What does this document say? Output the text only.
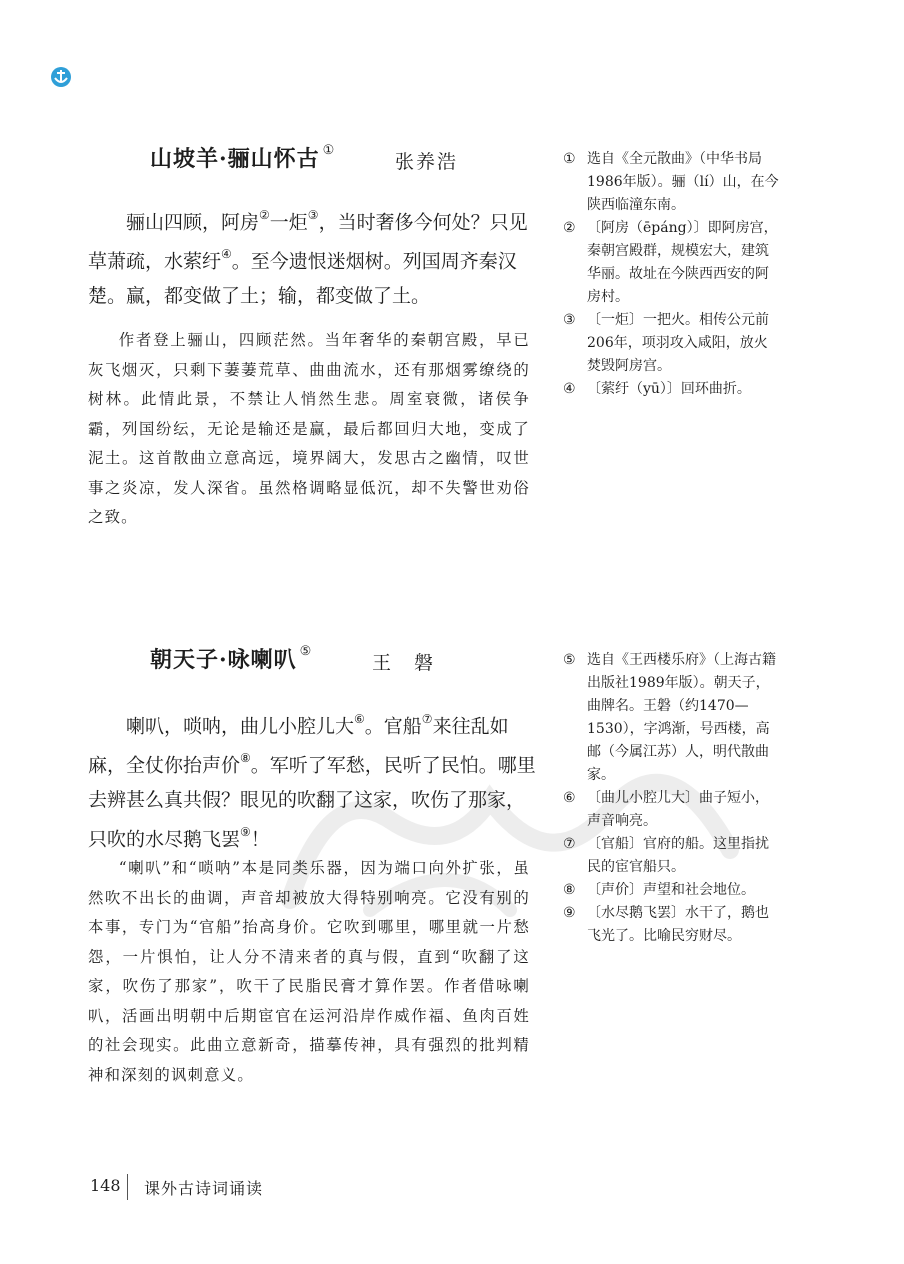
山坡羊·骊山怀古 ①
张养浩

骊山四顾，阿房②一炬③，当时奢侈今何处？只见草萧疏，水萦纡④。至今遗恨迷烟树。列国周齐秦汉楚。赢，都变做了土；输，都变做了土。

作者登上骊山，四顾茫然。当年奢华的秦朝宫殿，早已灰飞烟灭，只剩下萋萋荒草、曲曲流水，还有那烟雾缭绕的树林。此情此景，不禁让人悄然生悲。周室衰微，诸侯争霸，列国纷纭，无论是输还是赢，最后都回归大地，变成了泥土。这首散曲立意高远，境界阔大，发思古之幽情，叹世事之炎凉，发人深省。虽然格调略显低沉，却不失警世劝俗之致。

① 选自《全元散曲》（中华书局1986年版）。骊（lí）山，在今陕西临潼东南。
② 〔阿房（ēpáng）〕即阿房宫，秦朝宫殿群，规模宏大，建筑华丽。故址在今陕西西安的阿房村。
③ 〔一炬〕一把火。相传公元前206年，项羽攻入咸阳，放火焚毁阿房宫。
④ 〔萦纡（yū）〕回环曲折。
朝天子·咏喇叭 ⑤
王　磐

喇叭，唢呐，曲儿小腔儿大⑥。官船⑦来往乱如麻，全仗你抬声价⑧。军听了军愁，民听了民怕。哪里去辨甚么真共假？眼见的吹翻了这家，吹伤了那家，只吹的水尽鹅飞罢⑨！

“喇叭”和“唢呐”本是同类乐器，因为端口向外扩张，虽然吹不出长的曲调，声音却被放大得特别响亮。它没有别的本事，专门为“官船”抬高身价。它吹到哪里，哪里就一片愁怨，一片惧怕，让人分不清来者的真与假，直到“吹翻了这家，吹伤了那家”，吹干了民脂民膏才算作罢。作者借咏喇叭，活画出明朝中后期宦官在运河沿岸作威作福、鱼肉百姓的社会现实。此曲立意新奇，描摹传神，具有强烈的批判精神和深刻的讽刺意义。

⑤ 选自《王西楼乐府》（上海古籍出版社1989年版）。朝天子，曲牌名。王磐（约1470—1530），字鸿渐，号西楼，高邮（今属江苏）人，明代散曲家。
⑥ 〔曲儿小腔儿大〕曲子短小，声音响亮。
⑦ 〔官船〕官府的船。这里指扰民的宦官船只。
⑧ 〔声价〕声望和社会地位。
⑨ 〔水尽鹅飞罢〕水干了，鹅也飞光了。比喻民穷财尽。
148 课外古诗词诵读
